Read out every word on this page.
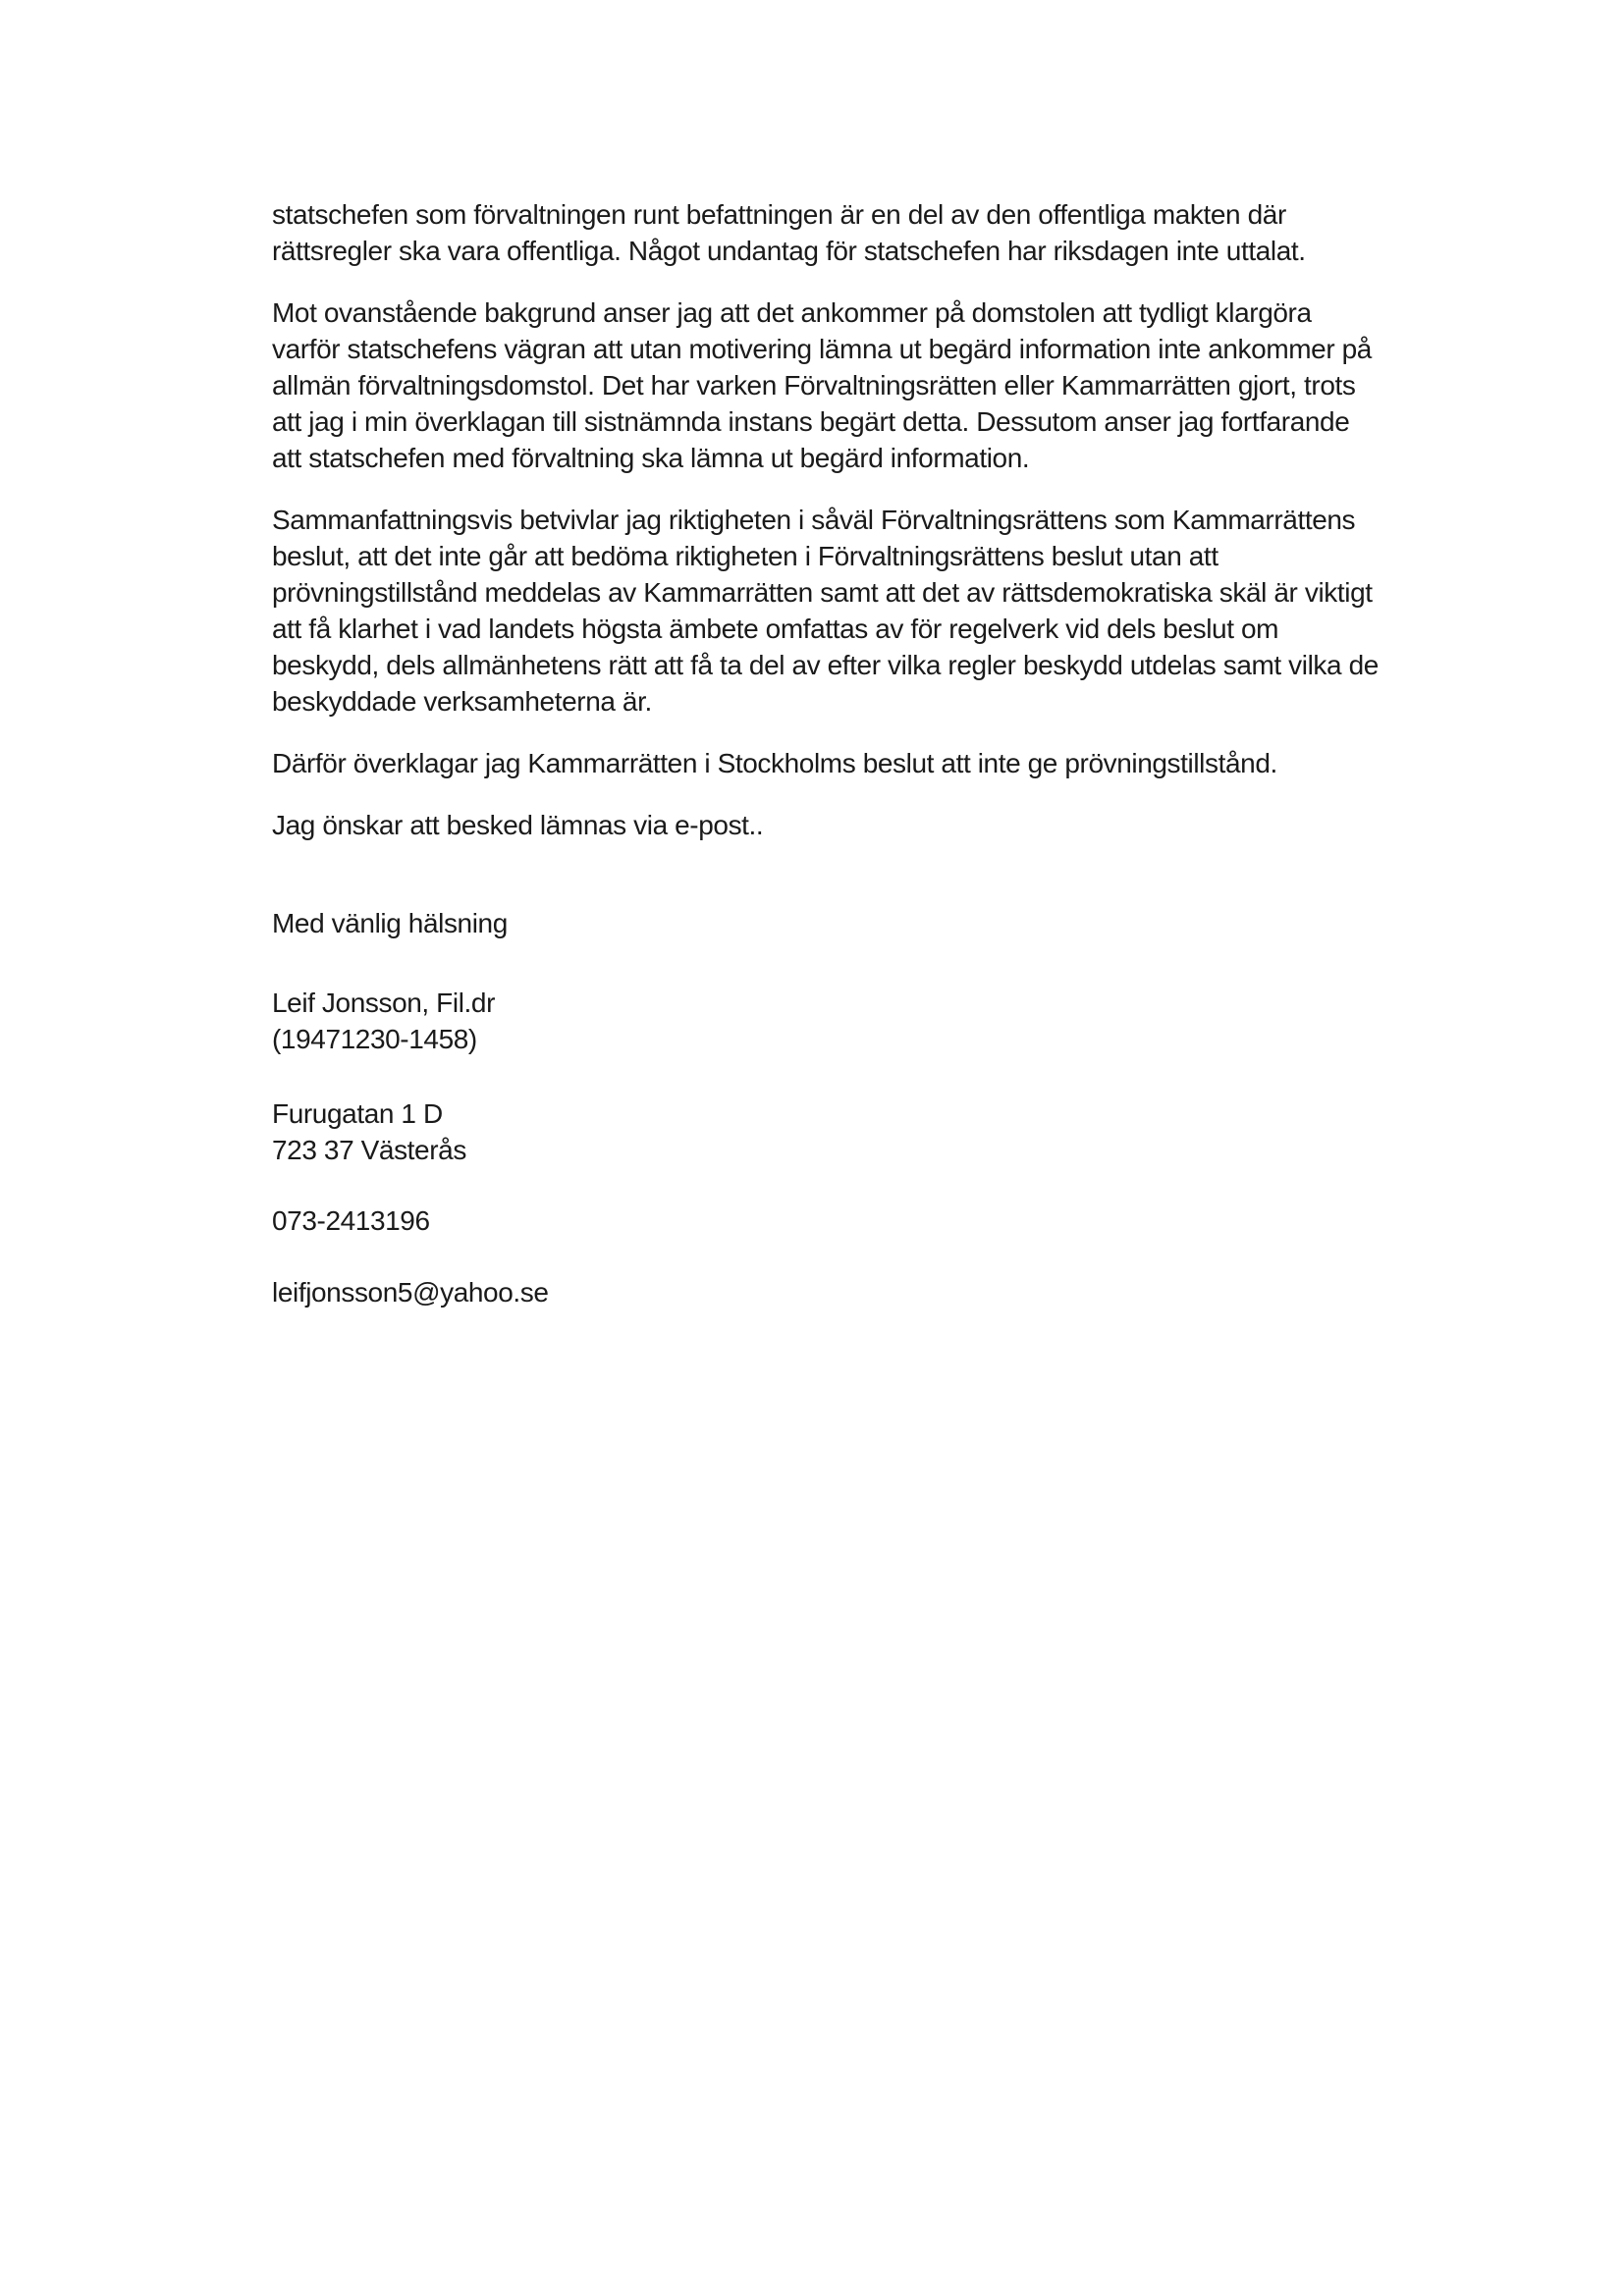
statschefen som förvaltningen runt befattningen är en del av den offentliga makten där
rättsregler ska vara offentliga. Något undantag för statschefen har riksdagen inte uttalat.
Mot ovanstående bakgrund anser jag att det ankommer på domstolen att tydligt klargöra
varför statschefens vägran att utan motivering lämna ut begärd information inte ankommer på
allmän förvaltningsdomstol. Det har varken Förvaltningsrätten eller Kammarrätten gjort, trots
att jag i min överklagan till sistnämnda instans begärt detta. Dessutom anser jag fortfarande
att statschefen med förvaltning ska lämna ut begärd information.
Sammanfattningsvis betvivlar jag riktigheten i såväl Förvaltningsrättens som Kammarrättens
beslut, att det inte går att bedöma riktigheten i Förvaltningsrättens beslut utan att
prövningstillstånd meddelas av Kammarrätten samt att det av rättsdemokratiska skäl är viktigt
att få klarhet i vad landets högsta ämbete omfattas av för regelverk vid dels beslut om
beskydd, dels allmänhetens rätt att få ta del av efter vilka regler beskydd utdelas samt vilka de
beskyddade verksamheterna är.
Därför överklagar jag Kammarrätten i Stockholms beslut att inte ge prövningstillstånd.
Jag önskar att besked lämnas via e-post..
Med vänlig hälsning
Leif Jonsson, Fil.dr
(19471230-1458)
Furugatan 1 D
723 37 Västerås
073-2413196
leifjonsson5@yahoo.se
